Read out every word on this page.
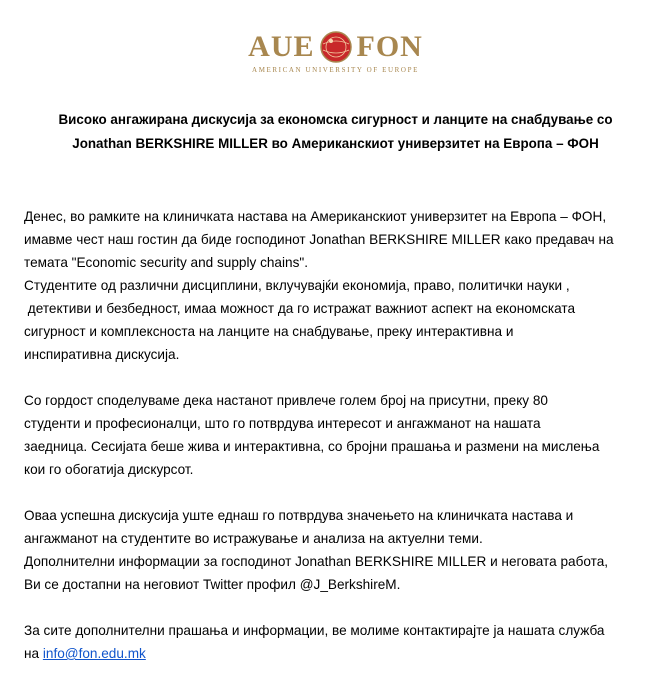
AUE FON
AMERICAN UNIVERSITY OF EUROPE
Високо ангажирана дискусија за економска сигурност и ланците на снабдување со
Jonathan BERKSHIRE MILLER во Американскиот универзитет на Европа – ФОН

Денес, во рамките на клиничката настава на Американскиот универзитет на Европа – ФОН,
имавме чест наш гостин да биде господинот Jonathan BERKSHIRE MILLER како предавач на
темата "Economic security and supply chains".
Студентите од различни дисциплини, вклучувајќи економија, право, политички науки ,
детективи и безбедност, имаа можност да го истражат важниот аспект на економската
сигурност и комплексноста на ланците на снабдување, преку интерактивна и
инспиративна дискусија.

Со гордост споделуваме дека настанот привлече голем број на присутни, преку 80
студенти и професионалци, што го потврдува интересот и ангажманот на нашата
заедница. Сесијата беше жива и интерактивна, со бројни прашања и размени на мислења
кои го обогатија дискурсот.

Оваа успешна дискусија уште еднаш го потврдува значењето на клиничката настава и
ангажманот на студентите во истражување и анализа на актуелни теми.
Дополнителни информации за господинот Jonathan BERKSHIRE MILLER и неговата работа,
Ви се достапни на неговиот Twitter профил @J_BerkshireM.

За сите дополнителни прашања и информации, ве молиме контактирајте ја нашата служба
на info@fon.edu.mk
